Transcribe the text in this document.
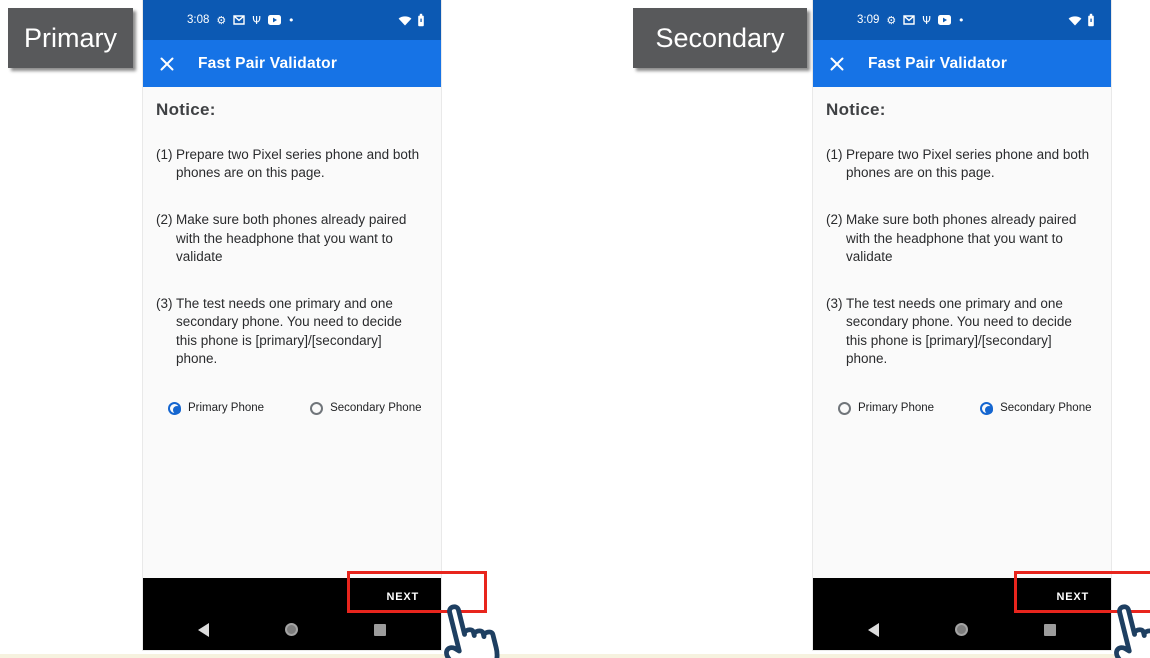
Primary	Secondary
3:08 ⚙ Ψ •
Fast Pair Validator
Notice:
(1) Prepare two Pixel series phone and both phones are on this page.
(2) Make sure both phones already paired with the headphone that you want to validate
(3) The test needs one primary and one secondary phone. You need to decide this phone is [primary]/[secondary] phone.
Primary Phone	Secondary Phone
NEXT
3:09 ⚙ Ψ •
Fast Pair Validator
Notice:
(1) Prepare two Pixel series phone and both phones are on this page.
(2) Make sure both phones already paired with the headphone that you want to validate
(3) The test needs one primary and one secondary phone. You need to decide this phone is [primary]/[secondary] phone.
Primary Phone	Secondary Phone
NEXT
